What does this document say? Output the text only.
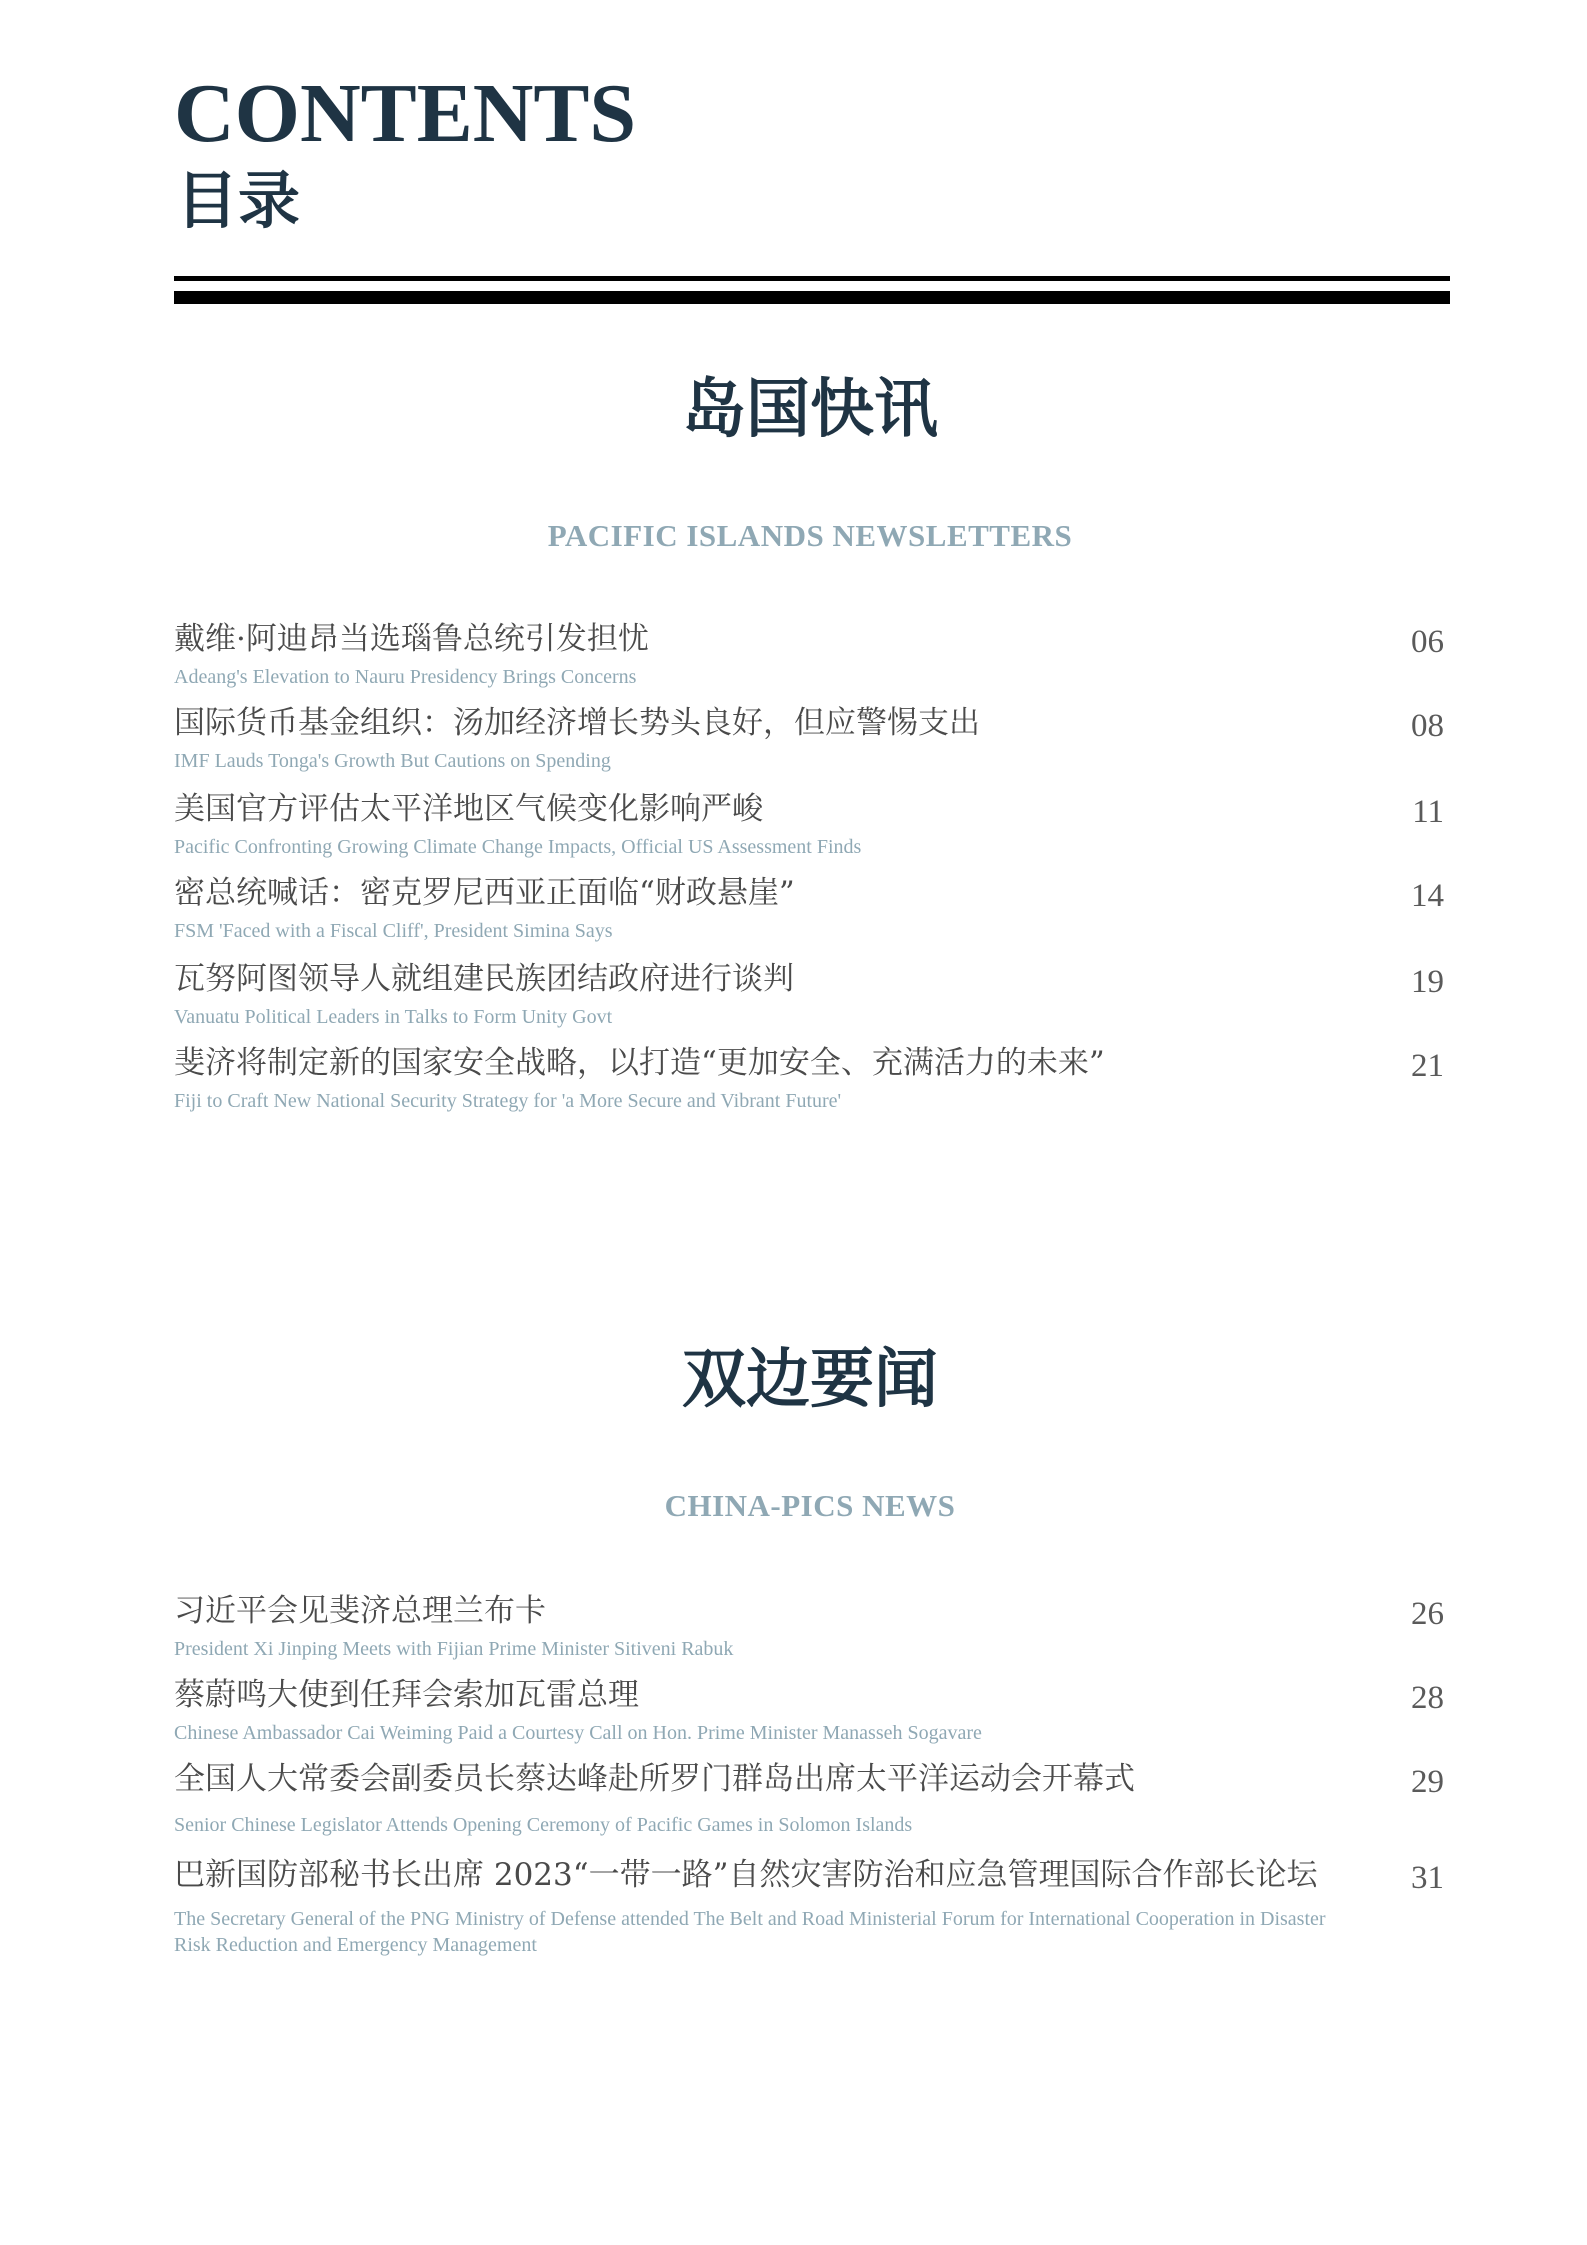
CONTENTS
目录
岛国快讯
PACIFIC ISLANDS NEWSLETTERS
戴维·阿迪昂当选瑙鲁总统引发担忧
Adeang's Elevation to Nauru Presidency Brings Concerns
06
国际货币基金组织：汤加经济增长势头良好，但应警惕支出
IMF Lauds Tonga's Growth But Cautions on Spending
08
美国官方评估太平洋地区气候变化影响严峻
Pacific Confronting Growing Climate Change Impacts, Official US Assessment Finds
11
密总统喊话：密克罗尼西亚正面临“财政悬崖”
FSM 'Faced with a Fiscal Cliff', President Simina Says
14
瓦努阿图领导人就组建民族团结政府进行谈判
Vanuatu Political Leaders in Talks to Form Unity Govt
19
斐济将制定新的国家安全战略，以打造“更加安全、充满活力的未来”
Fiji to Craft New National Security Strategy for 'a More Secure and Vibrant Future'
21
双边要闻
CHINA-PICS NEWS
习近平会见斐济总理兰布卡
President Xi Jinping Meets with Fijian Prime Minister Sitiveni Rabuk
26
蔡蔚鸣大使到任拜会索加瓦雷总理
Chinese Ambassador Cai Weiming Paid a Courtesy Call on Hon. Prime Minister Manasseh Sogavare
28
全国人大常委会副委员长蔡达峰赴所罗门群岛出席太平洋运动会开幕式
Senior Chinese Legislator Attends Opening Ceremony of Pacific Games in Solomon Islands
29
巴新国防部秘书长出席 2023“一带一路”自然灾害防治和应急管理国际合作部长论坛
The Secretary General of the PNG Ministry of Defense attended The Belt and Road Ministerial Forum for International Cooperation in Disaster Risk Reduction and Emergency Management
31
